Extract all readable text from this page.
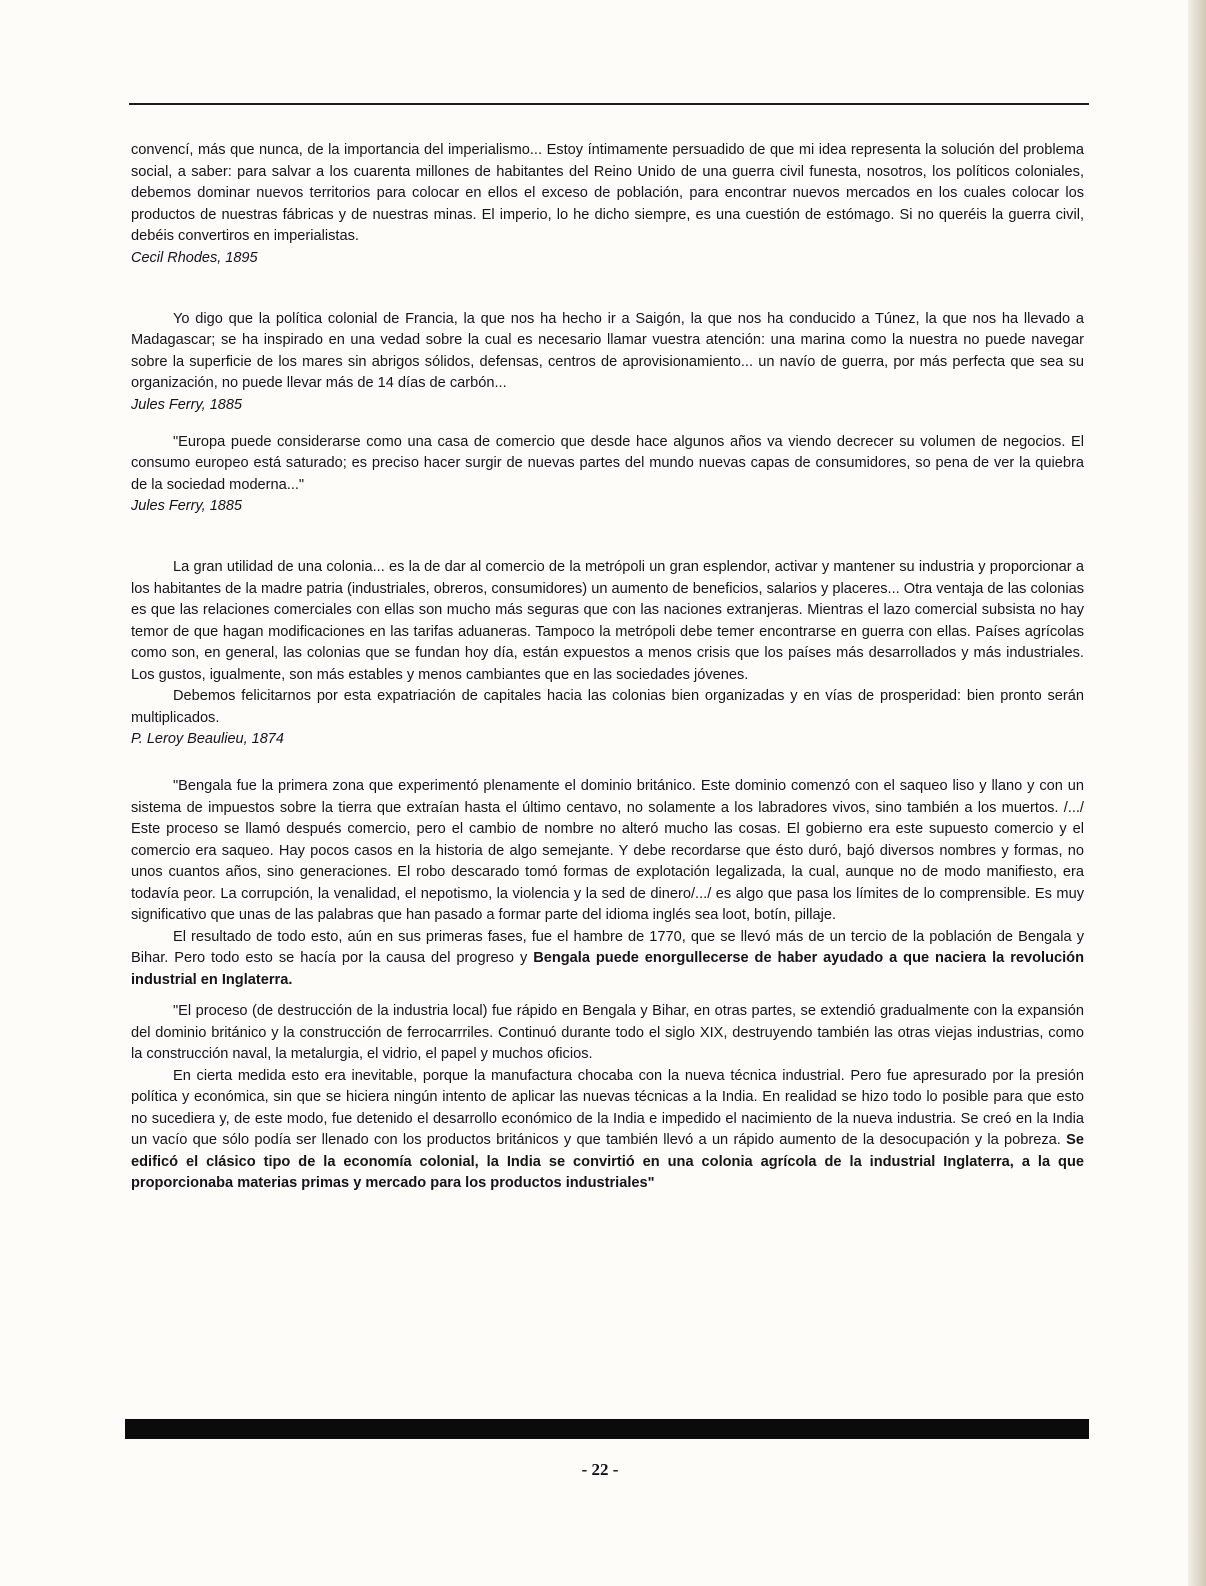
convencí, más que nunca, de la importancia del imperialismo... Estoy íntimamente persuadido de que mi idea representa la solución del problema social, a saber: para salvar a los cuarenta millones de habitantes del Reino Unido de una guerra civil funesta, nosotros, los políticos coloniales, debemos dominar nuevos territorios para colocar en ellos el exceso de población, para encontrar nuevos mercados en los cuales colocar los productos de nuestras fábricas y de nuestras minas. El imperio, lo he dicho siempre, es una cuestión de estómago. Si no queréis la guerra civil, debéis convertiros en imperialistas.

Cecil Rhodes, 1895

Yo digo que la política colonial de Francia, la que nos ha hecho ir a Saigón, la que nos ha conducido a Túnez, la que nos ha llevado a Madagascar; se ha inspirado en una vedad sobre la cual es necesario llamar vuestra atención: una marina como la nuestra no puede navegar sobre la superficie de los mares sin abrigos sólidos, defensas, centros de aprovisionamiento... un navío de guerra, por más perfecta que sea su organización, no puede llevar más de 14 días de carbón...

Jules Ferry, 1885

"Europa puede considerarse como una casa de comercio que desde hace algunos años va viendo decrecer su volumen de negocios. El consumo europeo está saturado; es preciso hacer surgir de nuevas partes del mundo nuevas capas de consumidores, so pena de ver la quiebra de la sociedad moderna..."

Jules Ferry, 1885

La gran utilidad de una colonia... es la de dar al comercio de la metrópoli un gran esplendor, activar y mantener su industria y proporcionar a los habitantes de la madre patria (industriales, obreros, consumidores) un aumento de beneficios, salarios y placeres... Otra ventaja de las colonias es que las relaciones comerciales con ellas son mucho más seguras que con las naciones extranjeras. Mientras el lazo comercial subsista no hay temor de que hagan modificaciones en las tarifas aduaneras. Tampoco la metrópoli debe temer encontrarse en guerra con ellas. Países agrícolas como son, en general, las colonias que se fundan hoy día, están expuestos a menos crisis que los países más desarrollados y más industriales. Los gustos, igualmente, son más estables y menos cambiantes que en las sociedades jóvenes.

Debemos felicitarnos por esta expatriación de capitales hacia las colonias bien organizadas y en vías de prosperidad: bien pronto serán multiplicados.

P. Leroy Beaulieu, 1874

"Bengala fue la primera zona que experimentó plenamente el dominio británico. Este dominio comenzó con el saqueo liso y llano y con un sistema de impuestos sobre la tierra que extraían hasta el último centavo, no solamente a los labradores vivos, sino también a los muertos. /.../ Este proceso se llamó después comercio, pero el cambio de nombre no alteró mucho las cosas. El gobierno era este supuesto comercio y el comercio era saqueo. Hay pocos casos en la historia de algo semejante. Y debe recordarse que ésto duró, bajó diversos nombres y formas, no unos cuantos años, sino generaciones. El robo descarado tomó formas de explotación legalizada, la cual, aunque no de modo manifiesto, era todavía peor. La corrupción, la venalidad, el nepotismo, la violencia y la sed de dinero/.../ es algo que pasa los límites de lo comprensible. Es muy significativo que unas de las palabras que han pasado a formar parte del idioma inglés sea loot, botín, pillaje.

El resultado de todo esto, aún en sus primeras fases, fue el hambre de 1770, que se llevó más de un tercio de la población de Bengala y Bihar. Pero todo esto se hacía por la causa del progreso y Bengala puede enorgullecerse de haber ayudado a que naciera la revolución industrial en Inglaterra.

"El proceso (de destrucción de la industria local) fue rápido en Bengala y Bihar, en otras partes, se extendió gradualmente con la expansión del dominio británico y la construcción de ferrocarrriles. Continuó durante todo el siglo XIX, destruyendo también las otras viejas industrias, como la construcción naval, la metalurgia, el vidrio, el papel y muchos oficios.

En cierta medida esto era inevitable, porque la manufactura chocaba con la nueva técnica industrial. Pero fue apresurado por la presión política y económica, sin que se hiciera ningún intento de aplicar las nuevas técnicas a la India. En realidad se hizo todo lo posible para que esto no sucediera y, de este modo, fue detenido el desarrollo económico de la India e impedido el nacimiento de la nueva industria. Se creó en la India un vacío que sólo podía ser llenado con los productos británicos y que también llevó a un rápido aumento de la desocupación y la pobreza. Se edificó el clásico tipo de la economía colonial, la India se convirtió en una colonia agrícola de la industrial Inglaterra, a la que proporcionaba materias primas y mercado para los productos industriales"

- 22 -
